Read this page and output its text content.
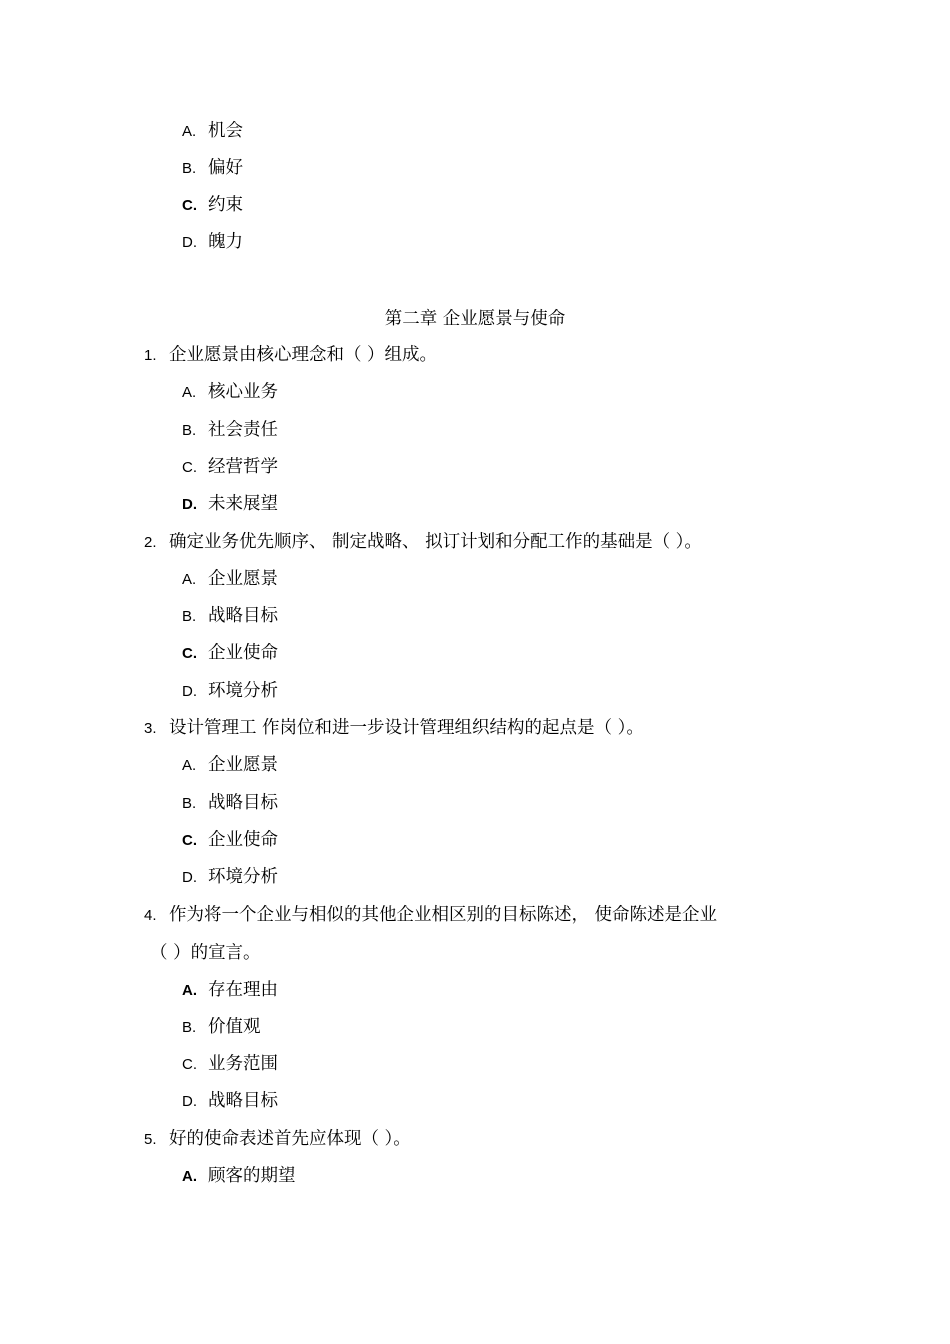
A. 机会
B. 偏好
C. 约束
D. 魄力
第二章 企业愿景与使命
1. 企业愿景由核心理念和（ ）组成。
A. 核心业务
B. 社会责任
C. 经营哲学
D. 未来展望
2. 确定业务优先顺序、 制定战略、 拟订计划和分配工作的基础是（ ）。
A. 企业愿景
B. 战略目标
C. 企业使命
D. 环境分析
3. 设计管理工 作岗位和进一步设计管理组织结构的起点是（ ）。
A. 企业愿景
B. 战略目标
C. 企业使命
D. 环境分析
4. 作为将一个企业与相似的其他企业相区别的目标陈述， 使命陈述是企业
（ ）的宣言。
A. 存在理由
B. 价值观
C. 业务范围
D. 战略目标
5. 好的使命表述首先应体现（ ）。
A. 顾客的期望
